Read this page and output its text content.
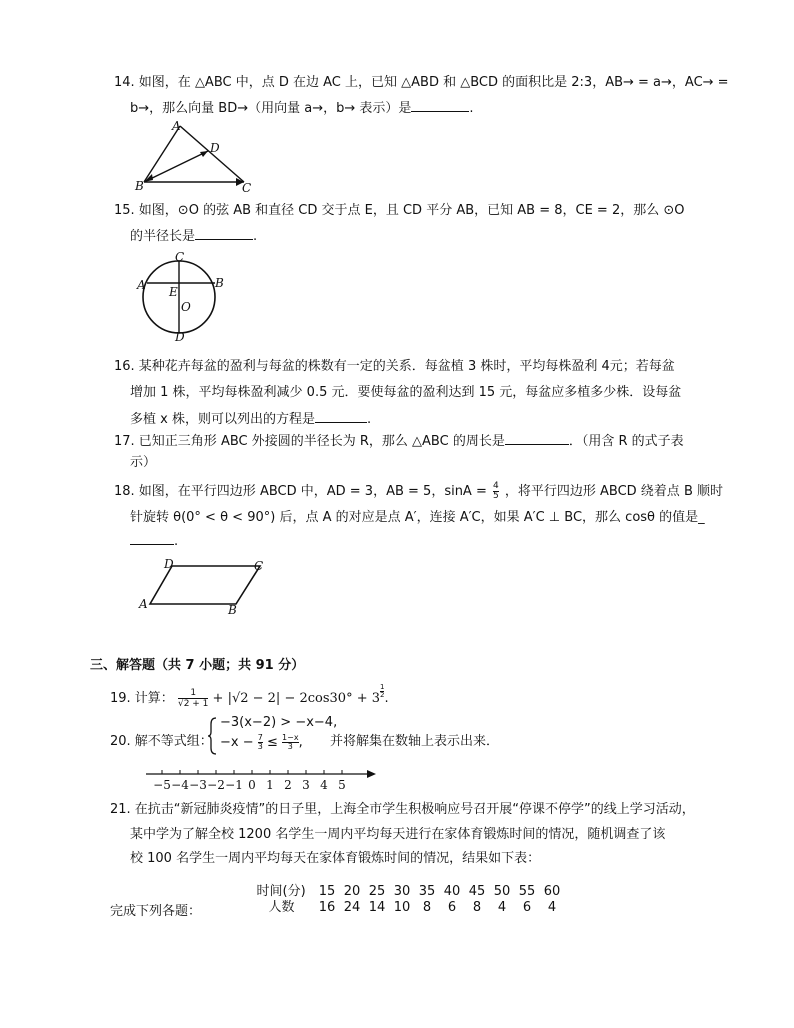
14. 如图，在 △ABC 中，点 D 在边 AC 上，已知 △ABD 和 △BCD 的面积比是 2:3，AB→ = a→，AC→ =
b→，那么向量 BD→（用向量 a→，b→ 表示）是	.
A
B	C
D
15. 如图，⊙O 的弦 AB 和直径 CD 交于点 E，且 CD 平分 AB，已知 AB = 8，CE = 2，那么 ⊙O
的半径长是	.
C
A	B
E
O
D
16. 某种花卉每盆的盈利与每盆的株数有一定的关系．每盆植 3 株时，平均每株盈利 4元；若每盆
增加 1 株，平均每株盈利减少 0.5 元．要使每盆的盈利达到 15 元，每盆应多植多少株．设每盆
多植 x 株，则可以列出的方程是	.
17. 已知正三角形 ABC 外接圆的半径长为 R，那么 △ABC 的周长是	．（用含 R 的式子表
示）
18. 如图，在平行四边形 ABCD 中，AD = 3，AB = 5，$\sin A = \frac{4}{5}$ ，将平行四边形 ABCD 绕着点 B 顺时
针旋转 θ(0° < θ < 90°) 后，点 A 的对应是点 A′，连接 A′C，如果 A′C ⊥ BC，那么 cosθ 的值是_
.
D	C
A	B
三、解答题（共 7 小题；共 91 分）
19. 计算： $\frac{1}{√2 + 1} + |√2 - 2| - 2\cos 30^\circ + 3 \frac{1}{2}$ .
20. 解不等式组：
−3(x−2) > −x−4,
$-x - \frac{7}{3} \le \frac{1-x}{3}$ , 并将解集在数轴上表示出来．
−5 −4 −3 −2 −1 0 1 2 3 4 5
21. 在抗击“新冠肺炎疫情”的日子里，上海全市学生积极响应号召开展“停课不停学”的线上学习活动，
某中学为了解全校 1200 名学生一周内平均每天进行在家体育锻炼时间的情况，随机调查了该
校 100 名学生一周内平均每天在家体育锻炼时间的情况，结果如下表：

时间(分) 15 20 25 30 35 40 45 50 55 60

人数 16 24 14 10 8 6 8 4 6 4

完成下列各题：
